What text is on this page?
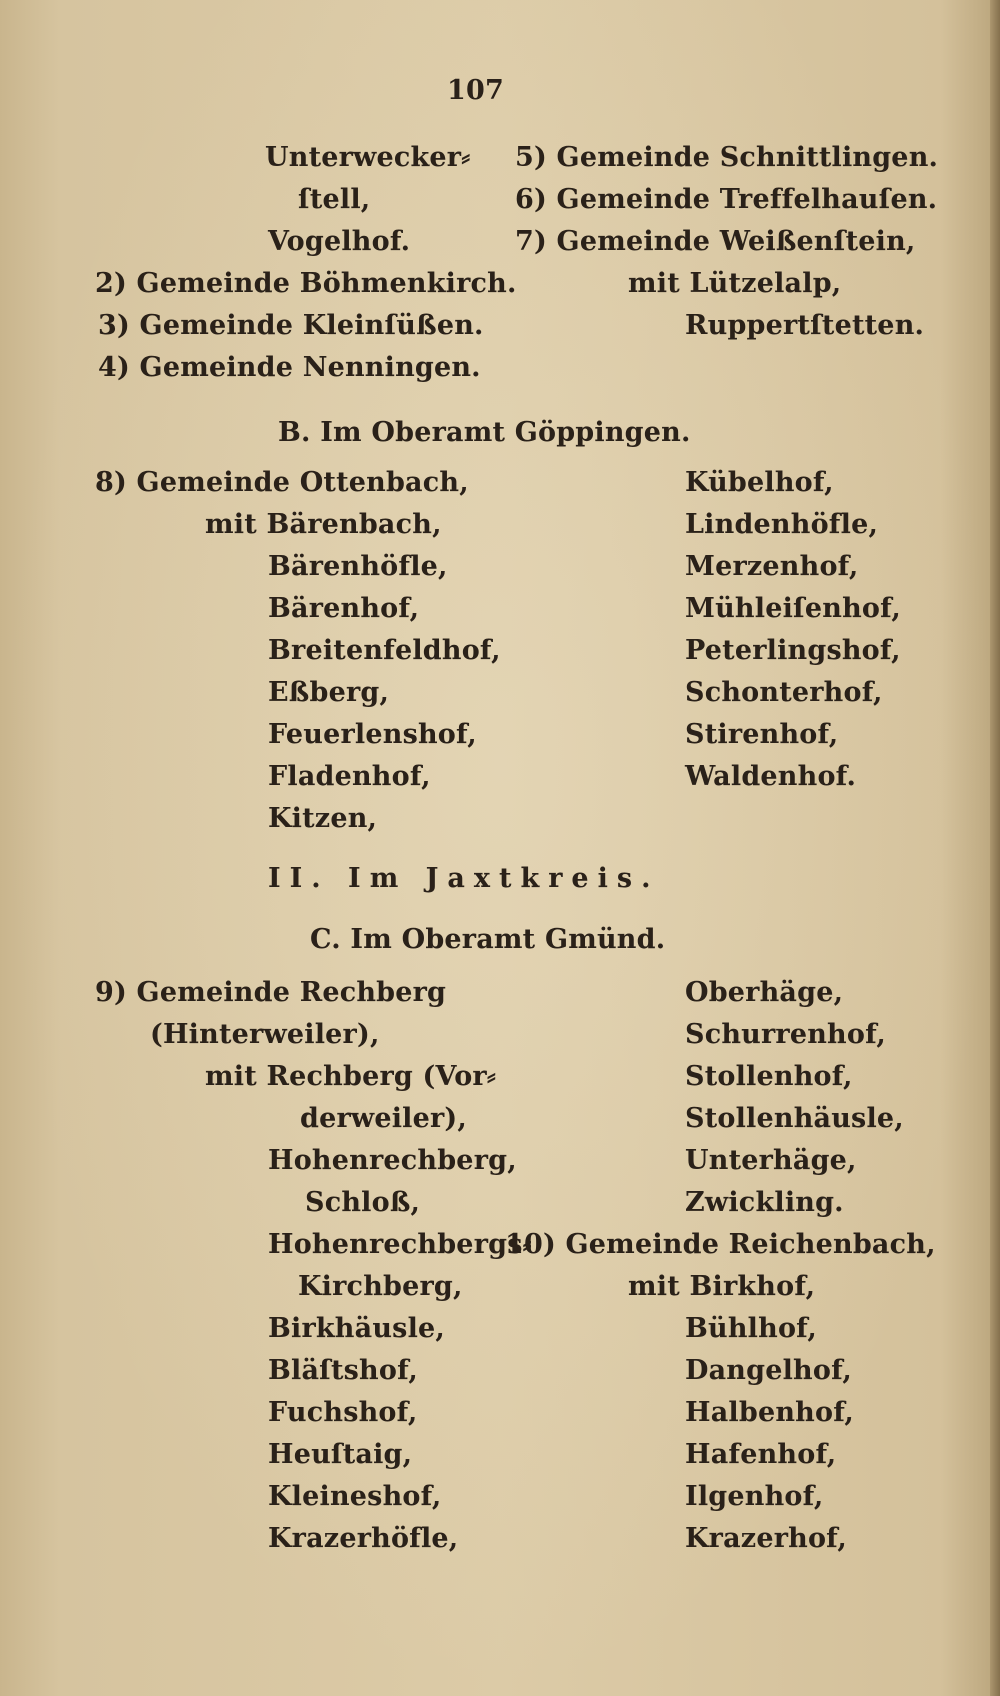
107
Unterwecker⸗
ſtell,
Vogelhof.
2) Gemeinde Böhmenkirch.
3) Gemeinde Kleinſüßen.
4) Gemeinde Nenningen.
5) Gemeinde Schnittlingen.
6) Gemeinde Treffelhauſen.
7) Gemeinde Weißenſtein,
mit Lützelalp,
Ruppertſtetten.
B. Im Oberamt Göppingen.
8) Gemeinde Ottenbach,
mit Bärenbach,
Bärenhöfle,
Bärenhof,
Breitenfeldhof,
Eßberg,
Feuerlenshof,
Fladenhof,
Kitzen,
Kübelhof,
Lindenhöfle,
Merzenhof,
Mühleiſenhof,
Peterlingshof,
Schonterhof,
Stirenhof,
Waldenhof.
II. Im Jaxtkreis.
C. Im Oberamt Gmünd.
9) Gemeinde Rechberg
(Hinterweiler),
mit Rechberg (Vor⸗
derweiler),
Hohenrechberg,
Schloß,
Hohenrechbergs⸗
Kirchberg,
Birkhäusle,
Bläſtshof,
Fuchshof,
Heuſtaig,
Kleineshof,
Krazerhöfle,
Oberhäge,
Schurrenhof,
Stollenhof,
Stollenhäusle,
Unterhäge,
Zwickling.
10) Gemeinde Reichenbach,
mit Birkhof,
Bühlhof,
Dangelhof,
Halbenhof,
Hafenhof,
Ilgenhof,
Krazerhof,
